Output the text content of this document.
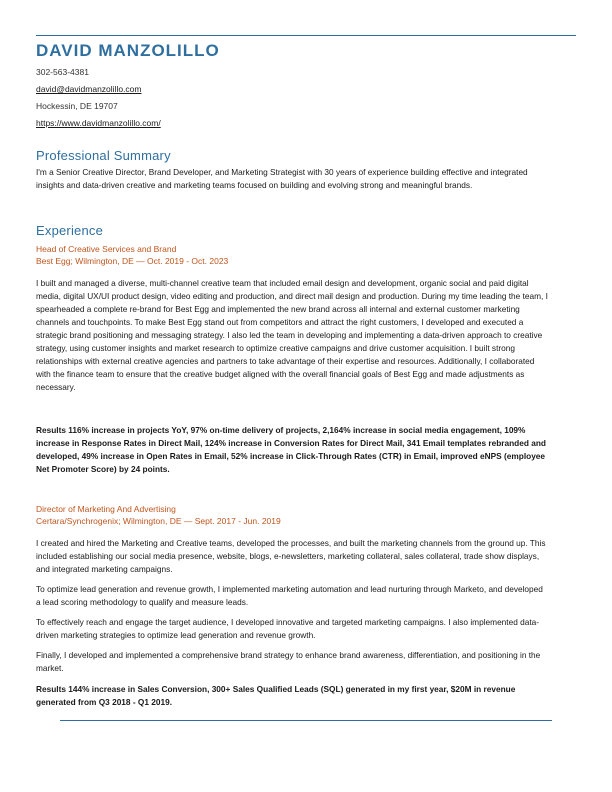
DAVID MANZOLILLO
302-563-4381
david@davidmanzolillo.com
Hockessin, DE 19707
https://www.davidmanzolillo.com/
Professional Summary
I'm a Senior Creative Director, Brand Developer, and Marketing Strategist with 30 years of experience building effective and integrated insights and data-driven creative and marketing teams focused on building and evolving strong and meaningful brands.
Experience
Head of Creative Services and Brand
Best Egg; Wilmington, DE — Oct. 2019 - Oct. 2023
I built and managed a diverse, multi-channel creative team that included email design and development, organic social and paid digital media, digital UX/UI product design, video editing and production, and direct mail design and production. During my time leading the team, I spearheaded a complete re-brand for Best Egg and implemented the new brand across all internal and external customer marketing channels and touchpoints. To make Best Egg stand out from competitors and attract the right customers, I developed and executed a strategic brand positioning and messaging strategy. I also led the team in developing and implementing a data-driven approach to creative strategy, using customer insights and market research to optimize creative campaigns and drive customer acquisition. I built strong relationships with external creative agencies and partners to take advantage of their expertise and resources. Additionally, I collaborated with the finance team to ensure that the creative budget aligned with the overall financial goals of Best Egg and made adjustments as necessary.
Results 116% increase in projects YoY, 97% on-time delivery of projects, 2,164% increase in social media engagement, 109% increase in Response Rates in Direct Mail, 124% increase in Conversion Rates for Direct Mail, 341 Email templates rebranded and developed, 49% increase in Open Rates in Email, 52% increase in Click-Through Rates (CTR) in Email, improved eNPS (employee Net Promoter Score) by 24 points.
Director of Marketing And Advertising
Certara/Synchrogenix; Wilmington, DE — Sept. 2017 - Jun. 2019
I created and hired the Marketing and Creative teams, developed the processes, and built the marketing channels from the ground up. This included establishing our social media presence, website, blogs, e-newsletters, marketing collateral, sales collateral, trade show displays, and integrated marketing campaigns.
To optimize lead generation and revenue growth, I implemented marketing automation and lead nurturing through Marketo, and developed a lead scoring methodology to qualify and measure leads.
To effectively reach and engage the target audience, I developed innovative and targeted marketing campaigns. I also implemented data-driven marketing strategies to optimize lead generation and revenue growth.
Finally, I developed and implemented a comprehensive brand strategy to enhance brand awareness, differentiation, and positioning in the market.
Results 144% increase in Sales Conversion, 300+ Sales Qualified Leads (SQL) generated in my first year, $20M in revenue generated from Q3 2018 - Q1 2019.
